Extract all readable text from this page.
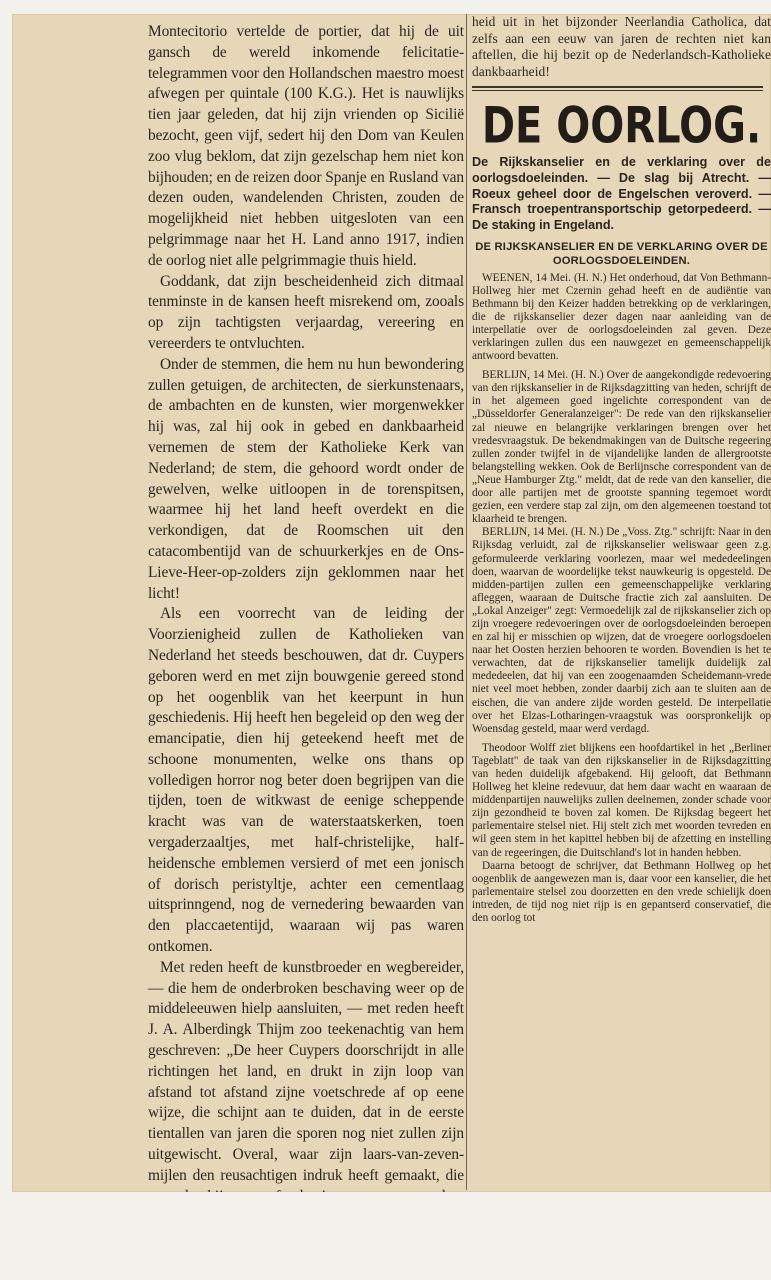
Montecitorio vertelde de portier, dat hij de uit gansch de wereld inkomende felicitatie-telegrammen voor den Hollandschen maestro moest afwegen per quintale (100 K.G.). Het is nauwlijks tien jaar geleden, dat hij zijn vrienden op Sicilië bezocht, geen vijf, sedert hij den Dom van Keulen zoo vlug beklom, dat zijn gezelschap hem niet kon bijhouden; en de reizen door Spanje en Rusland van dezen ouden, wandelenden Christen, zouden de mogelijkheid niet hebben uitgesloten van een pelgrimmage naar het H. Land anno 1917, indien de oorlog niet alle pelgrimmagie thuis hield.

Goddank, dat zijn bescheidenheid zich ditmaal tenminste in de kansen heeft misrekend om, zooals op zijn tachtigsten verjaardag, vereering en vereerders te ontvluchten.

Onder de stemmen, die hem nu hun bewondering zullen getuigen, de architecten, de sierkunstenaars, de ambachten en de kunsten, wier morgenwekker hij was, zal hij ook in gebed en dankbaarheid vernemen de stem der Katholieke Kerk van Nederland; de stem, die gehoord wordt onder de gewelven, welke uitloopen in de torenspitsen, waarmee hij het land heeft overdekt en die verkondigen, dat de Roomschen uit den catacombentijd van de schuurkerkjes en de Ons-Lieve-Heer-op-zolders zijn geklommen naar het licht!

Als een voorrecht van de leiding der Voorzienigheid zullen de Katholieken van Nederland het steeds beschouwen, dat dr. Cuypers geboren werd en met zijn bouwgenie gereed stond op het oogenblik van het keerpunt in hun geschiedenis. Hij heeft hen begeleid op den weg der emancipatie, dien hij geteekend heeft met de schoone monumenten, welke ons thans op volledigen horror nog beter doen begrijpen van die tijden, toen de witkwast de eenige scheppende kracht was van de waterstaatskerken, toen vergaderzaaltjes, met half-christelijke, half-heidensche emblemen versierd of met een jonisch of dorisch peristyltje, achter een cementlaag uitsprinngend, nog de vernedering bewaarden van den placcaetentijd, waaraan wij pas waren ontkomen.

Met reden heeft de kunstbroeder en wegbereider, — die hem de onderbroken beschaving weer op de middeleeuwen hielp aansluiten, — met reden heeft J. A. Alberdingk Thijm zoo teekenachtig van hem geschreven: „De heer Cuypers doorschrijdt in alle richtingen het land, en drukt in zijn loop van afstand tot afstand zijne voetschrede af op eene wijze, die schijnt aan te duiden, dat in de eerste tientallen van jaren die sporen nog niet zullen zijn uitgewischt. Overal, waar zijn laars-van-zeven-mijlen den reusachtigen indruk heeft gemaakt, die

heid uit in het bijzonder Neerlandia Catholica, dat zelfs aan een eeuw van jaren de rechten niet kan aftellen, die hij bezit op de Nederlandsch-Katholieke dankbaarheid!

DE OORLOG.

De Rijkskanselier en de verklaring over de oorlogsdoeleinden. — De slag bij Atrecht. — Roeux geheel door de Engelschen veroverd. — Fransch troepentransportschip getorpedeerd. — De staking in Engeland.

DE RIJKSKANSELIER EN DE VERKLARING OVER DE OORLOGSDOELEINDEN.

WEENEN, 14 Mei. (H. N.) Het onderhoud, dat Von Bethmann-Hollweg hier met Czernin gehad heeft en de audiëntie van Bethmann bij den Keizer hadden betrekking op de verklaringen, die de rijkskanselier dezer dagen naar aanleiding van de interpellatie over de oorlogsdoeleinden zal geven. Deze verklaringen zullen dus een nauwgezet en gemeenschappelijk antwoord bevatten.

BERLIJN, 14 Mei. (H. N.) Over de aangekondigde redevoering van den rijkskanselier in de Rijksdagzitting van heden, schrijft de in het algemeen goed ingelichte correspondent van de „Düsseldorfer Generalanzeiger": De rede van den rijkskanselier zal nieuwe en belangrijke verklaringen brengen over het vredesvraagstuk. De bekendmakingen van de Duitsche regeering zullen zonder twijfel in de vijandelijke landen de allergrootste belangstelling wekken. Ook de Berlijnsche correspondent van de „Neue Hamburger Ztg." meldt, dat de rede van den kanselier, die door alle partijen met de grootste spanning tegemoet wordt gezien, een verdere stap zal zijn, om den algemeenen toestand tot klaarheid te brengen.

BERLIJN, 14 Mei. (H. N.) De „Voss. Ztg." schrijft: Naar in den Rijksdag verluidt, zal de rijkskanselier weliswaar geen z.g. geformuleerde verklaring voorlezen, maar wel mededeelingen doen, waarvan de woordelijke tekst nauwkeurig is opgesteld. De midden-partijen zullen een gemeenschappelijke verklaring afleggen, waaraan de Duitsche fractie zich zal aansluiten. De „Lokal Anzeiger" zegt: Vermoedelijk zal de rijkskanselier zich op zijn vroegere redevoeringen over de oorlogsdoeleinden beroepen en zal hij er misschien op wijzen, dat de vroegere oorlogsdoelen naar het Oosten herzien behooren te worden. Bovendien is het te verwachten, dat de rijkskanselier tamelijk duidelijk zal mededeelen, dat hij van een zoogenaamden Scheidemann-vrede niet veel moet hebben, zonder daarbij zich aan te sluiten aan de eischen, die van andere zijde worden gesteld. De interpellatie over het Elzas-Lotharingen-vraagstuk was oorspronkelijk op Woensdag gesteld, maar werd verdagd.

Theodoor Wolff ziet blijkens een hoofdartikel in het „Berliner Tageblatt" de taak van den rijkskanselier in de Rijksdagzitting van heden duidelijk afgebakend. Hij gelooft, dat Bethmann Hollweg het kleine redevuur, dat hem daar wacht en waaraan de middenpartijen nauwelijks zullen deelnemen, zonder schade voor zijn gezondheid te boven zal komen. De Rijksdag begeert het parlementaire stelsel niet. Hij stelt zich met woorden tevreden en wil geen stem in het kapittel hebben bij de afzetting en instelling van de regeeringen, die Duitschland's lot in handen hebben.

Daarna betoogt de schrijver, dat Bethmann Hollweg op het oogenblik de aangewezen man is, daar voor een kanselier, die het parlementaire stelsel zou doorzetten en den vrede schielijk doen intreden, de tijd nog niet rijp is en gepantserd conservatief, die den oorlog tot
